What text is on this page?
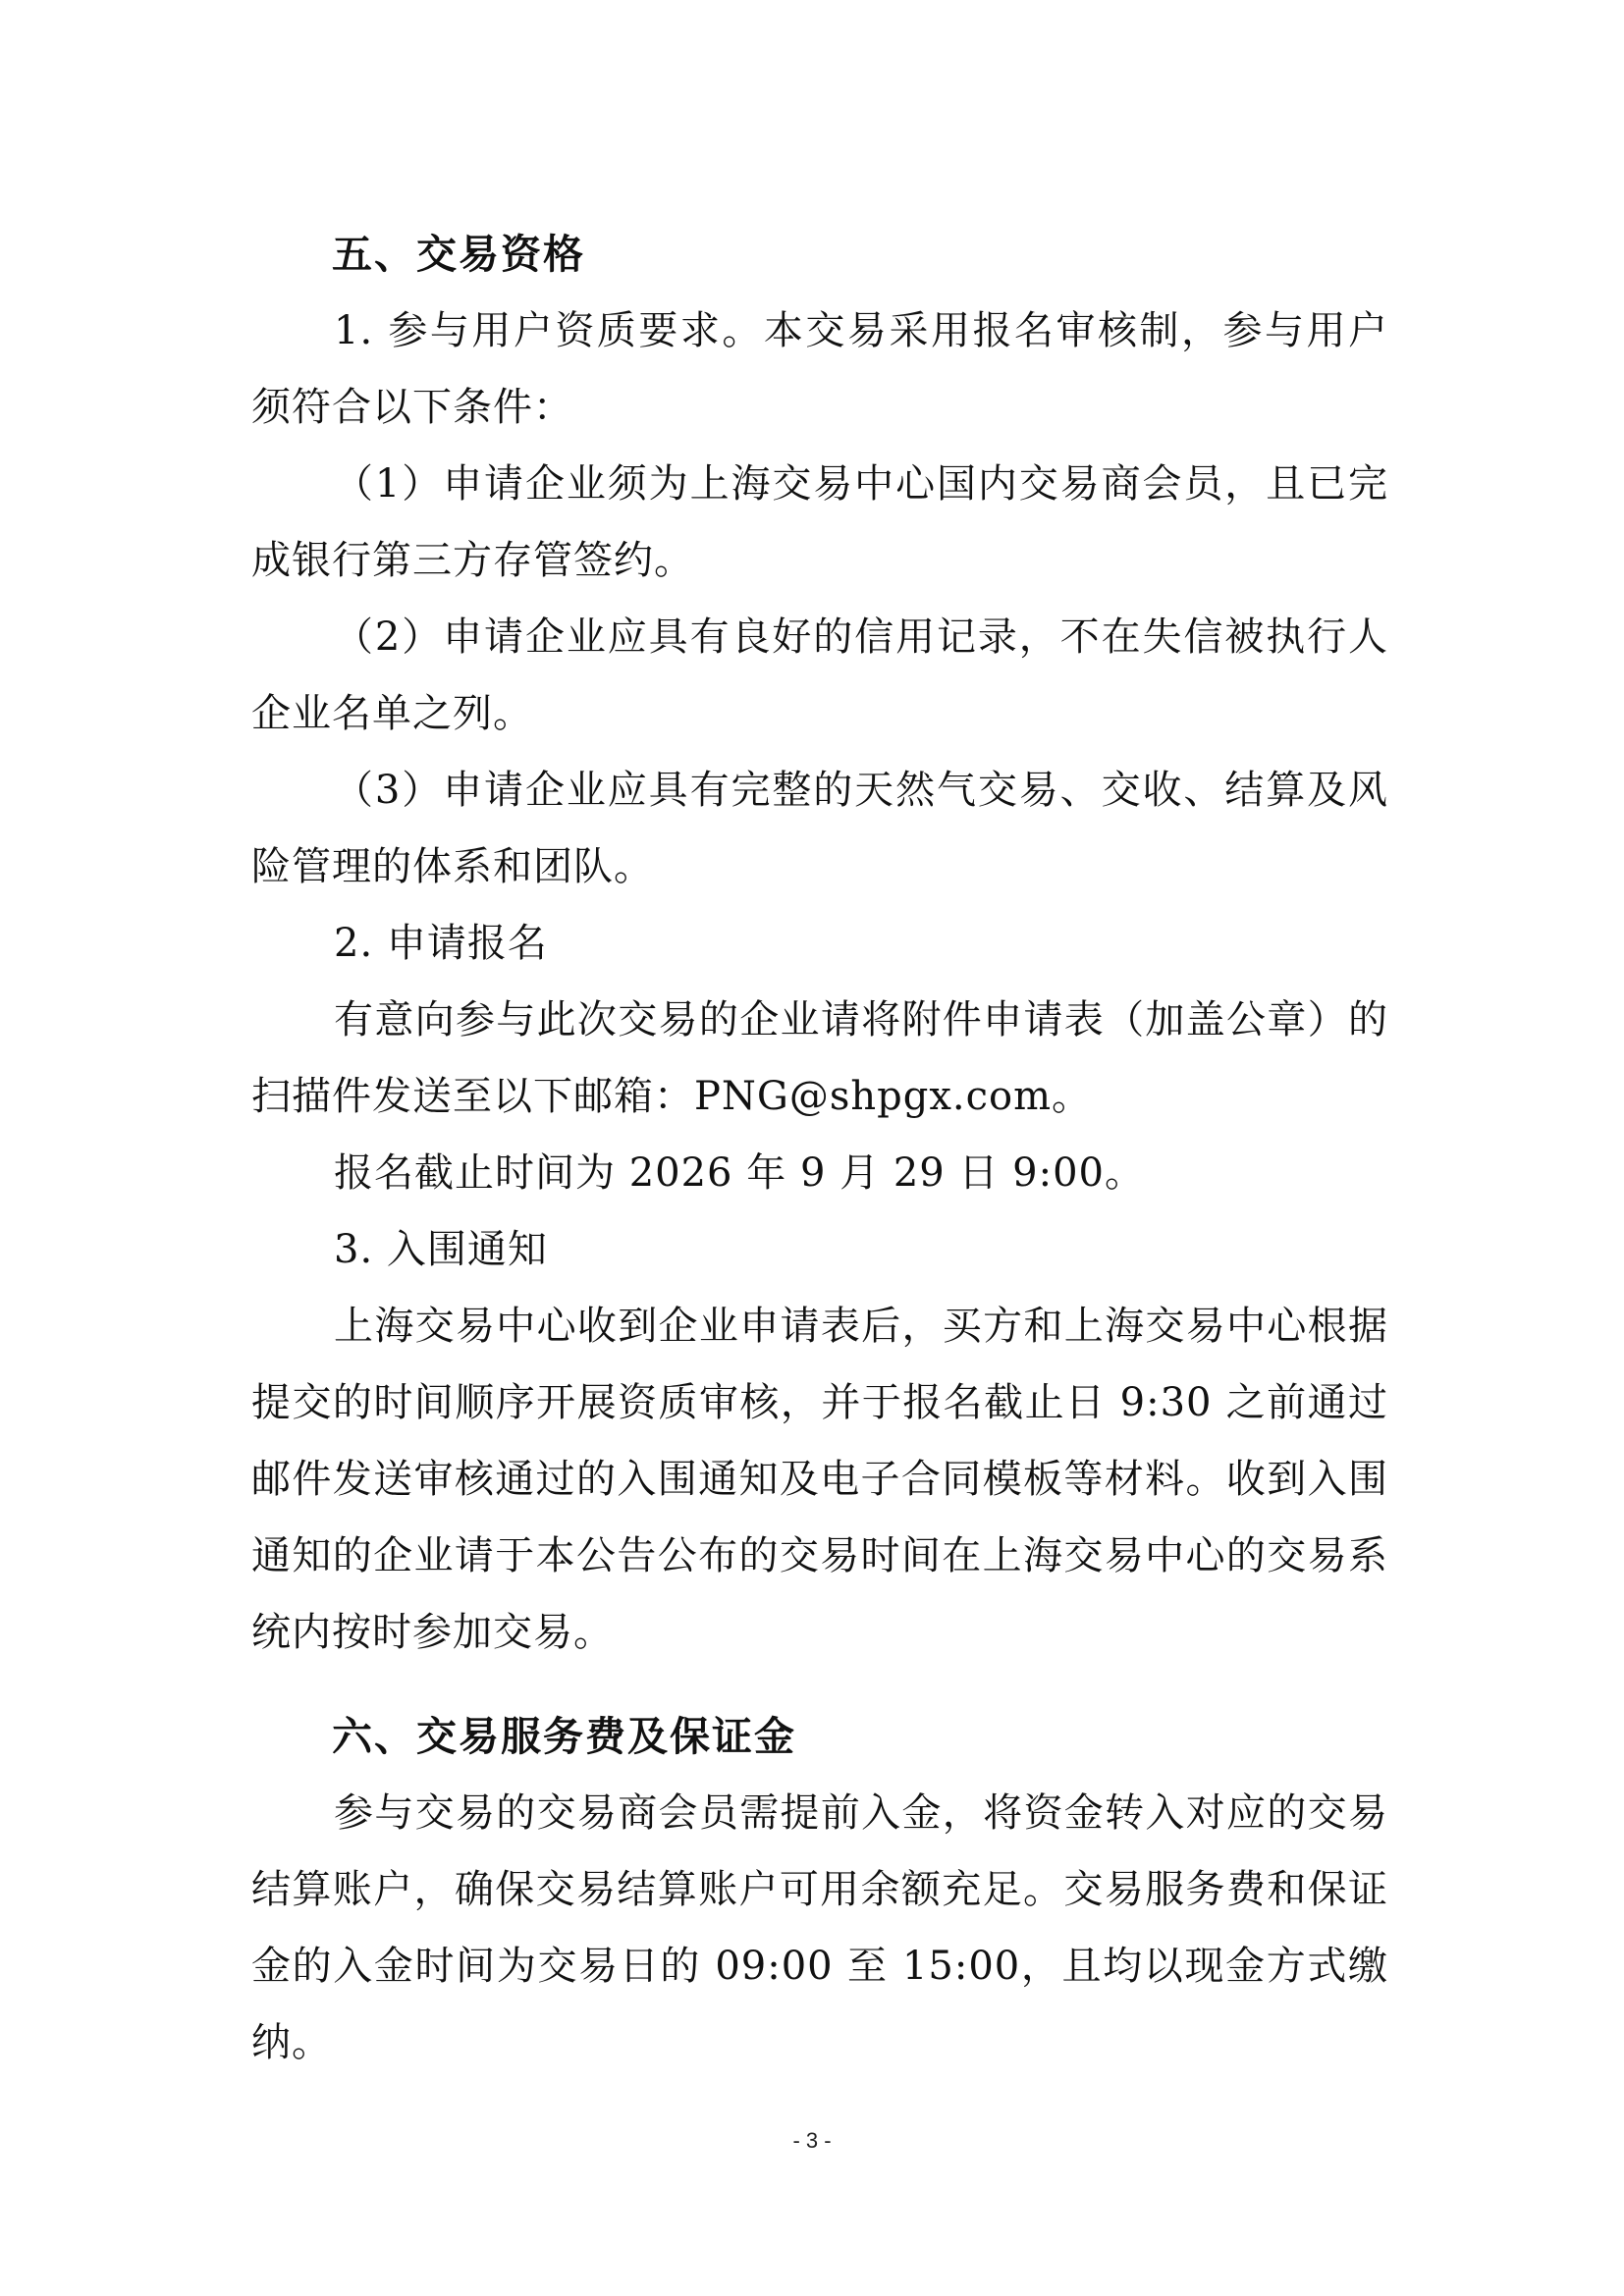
五、交易资格
1. 参与用户资质要求。本交易采用报名审核制，参与用户须符合以下条件：
（1）申请企业须为上海交易中心国内交易商会员，且已完成银行第三方存管签约。
（2）申请企业应具有良好的信用记录，不在失信被执行人企业名单之列。
（3）申请企业应具有完整的天然气交易、交收、结算及风险管理的体系和团队。
2. 申请报名
有意向参与此次交易的企业请将附件申请表（加盖公章）的扫描件发送至以下邮箱：PNG@shpgx.com。
报名截止时间为 2026 年 9 月 29 日 9:00。
3. 入围通知
上海交易中心收到企业申请表后，买方和上海交易中心根据提交的时间顺序开展资质审核，并于报名截止日 9:30 之前通过邮件发送审核通过的入围通知及电子合同模板等材料。收到入围通知的企业请于本公告公布的交易时间在上海交易中心的交易系统内按时参加交易。
六、交易服务费及保证金
参与交易的交易商会员需提前入金，将资金转入对应的交易结算账户，确保交易结算账户可用余额充足。交易服务费和保证金的入金时间为交易日的 09:00 至 15:00，且均以现金方式缴纳。
- 3 -
